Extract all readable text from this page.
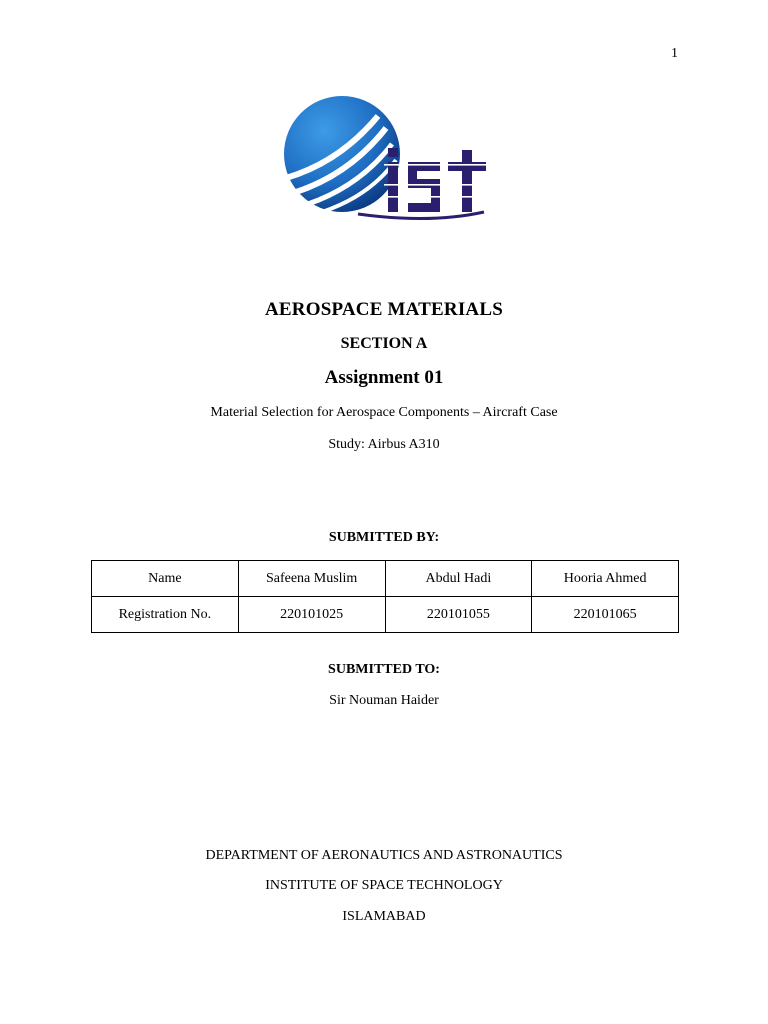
1
AEROSPACE MATERIALS
SECTION A
Assignment 01
Material Selection for Aerospace Components – Aircraft Case
Study: Airbus A310
SUBMITTED BY:
Name	Safeena Muslim	Abdul Hadi	Hooria Ahmed
Registration No.	220101025	220101055	220101065
SUBMITTED TO:
Sir Nouman Haider
DEPARTMENT OF AERONAUTICS AND ASTRONAUTICS
INSTITUTE OF SPACE TECHNOLOGY
ISLAMABAD
